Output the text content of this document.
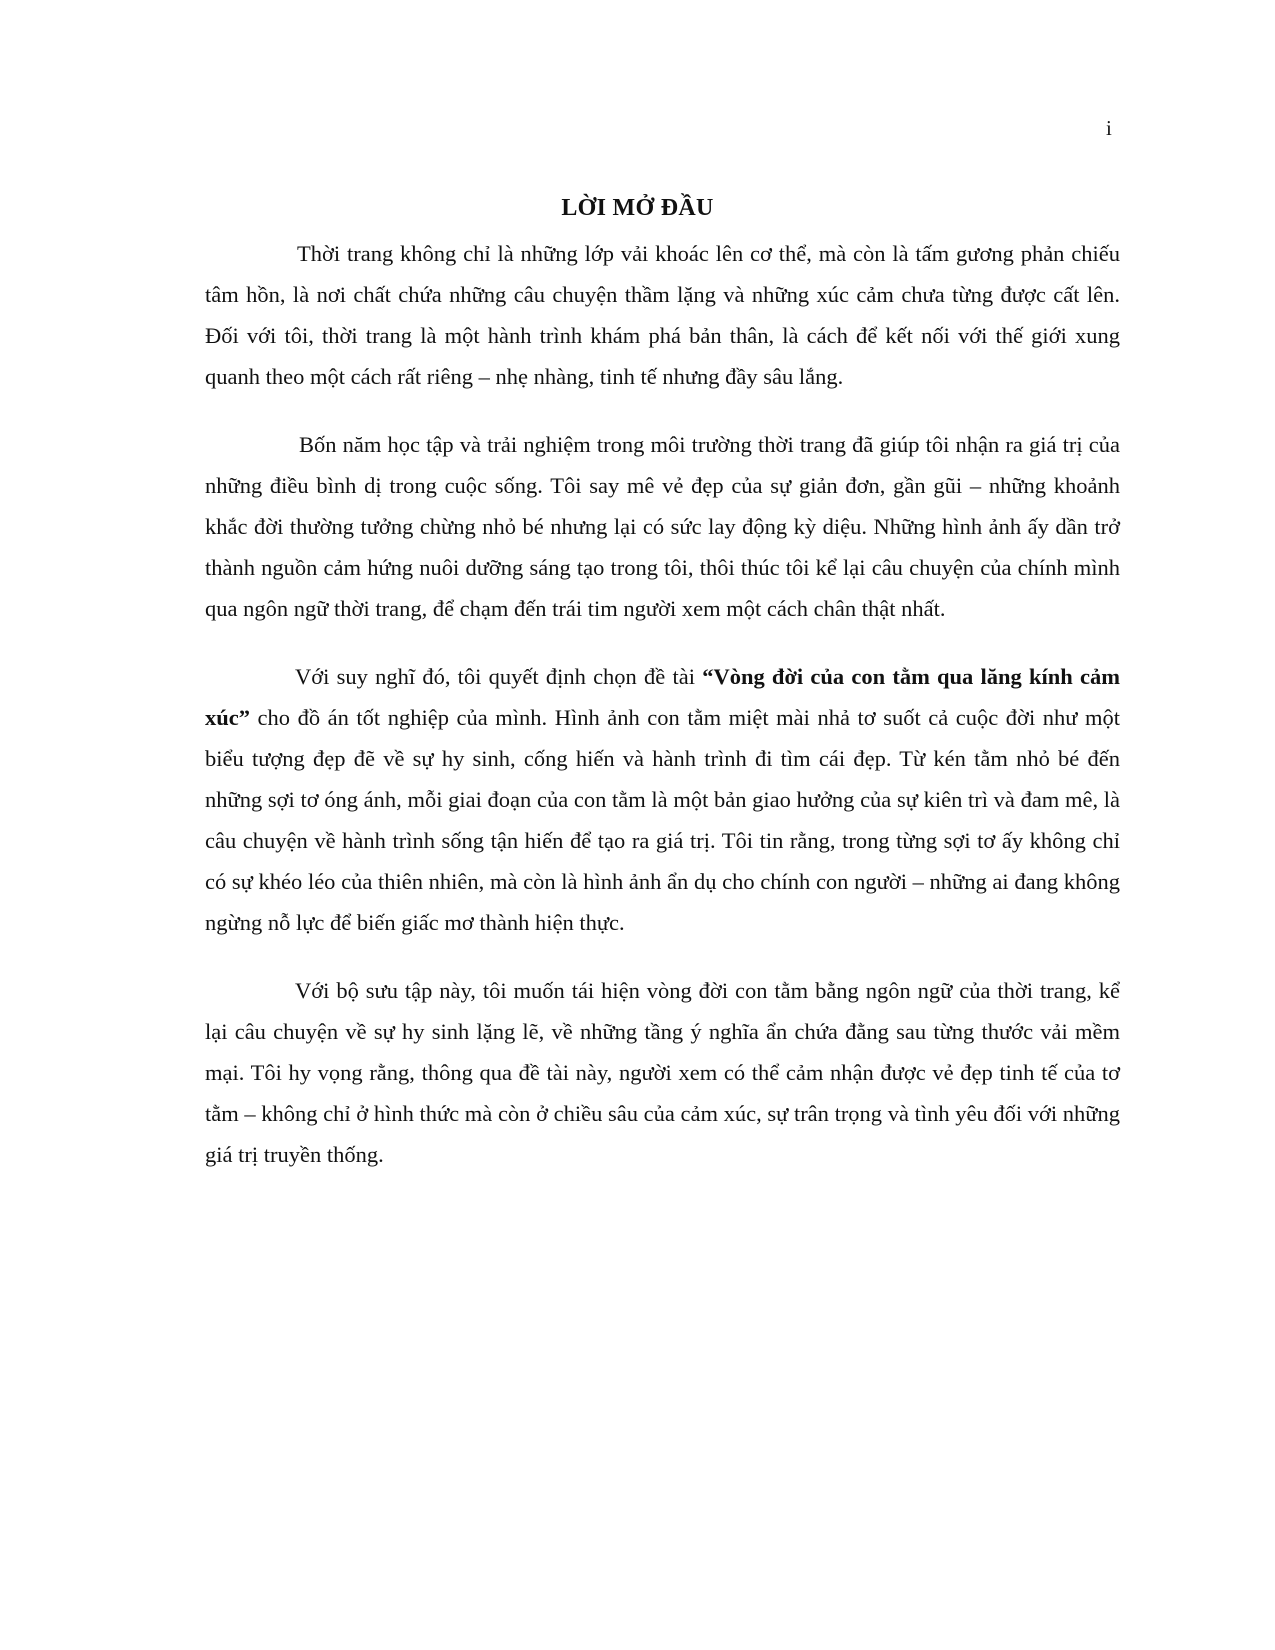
i
LỜI MỞ ĐẦU

Thời trang không chỉ là những lớp vải khoác lên cơ thể, mà còn là tấm gương phản chiếu tâm hồn, là nơi chất chứa những câu chuyện thầm lặng và những xúc cảm chưa từng được cất lên. Đối với tôi, thời trang là một hành trình khám phá bản thân, là cách để kết nối với thế giới xung quanh theo một cách rất riêng – nhẹ nhàng, tinh tế nhưng đầy sâu lắng.

Bốn năm học tập và trải nghiệm trong môi trường thời trang đã giúp tôi nhận ra giá trị của những điều bình dị trong cuộc sống. Tôi say mê vẻ đẹp của sự giản đơn, gần gũi – những khoảnh khắc đời thường tưởng chừng nhỏ bé nhưng lại có sức lay động kỳ diệu. Những hình ảnh ấy dần trở thành nguồn cảm hứng nuôi dưỡng sáng tạo trong tôi, thôi thúc tôi kể lại câu chuyện của chính mình qua ngôn ngữ thời trang, để chạm đến trái tim người xem một cách chân thật nhất.

Với suy nghĩ đó, tôi quyết định chọn đề tài “Vòng đời của con tằm qua lăng kính cảm xúc” cho đồ án tốt nghiệp của mình. Hình ảnh con tằm miệt mài nhả tơ suốt cả cuộc đời như một biểu tượng đẹp đẽ về sự hy sinh, cống hiến và hành trình đi tìm cái đẹp. Từ kén tằm nhỏ bé đến những sợi tơ óng ánh, mỗi giai đoạn của con tằm là một bản giao hưởng của sự kiên trì và đam mê, là câu chuyện về hành trình sống tận hiến để tạo ra giá trị. Tôi tin rằng, trong từng sợi tơ ấy không chỉ có sự khéo léo của thiên nhiên, mà còn là hình ảnh ẩn dụ cho chính con người – những ai đang không ngừng nỗ lực để biến giấc mơ thành hiện thực.

Với bộ sưu tập này, tôi muốn tái hiện vòng đời con tằm bằng ngôn ngữ của thời trang, kể lại câu chuyện về sự hy sinh lặng lẽ, về những tầng ý nghĩa ẩn chứa đằng sau từng thước vải mềm mại. Tôi hy vọng rằng, thông qua đề tài này, người xem có thể cảm nhận được vẻ đẹp tinh tế của tơ tằm – không chỉ ở hình thức mà còn ở chiều sâu của cảm xúc, sự trân trọng và tình yêu đối với những giá trị truyền thống.
